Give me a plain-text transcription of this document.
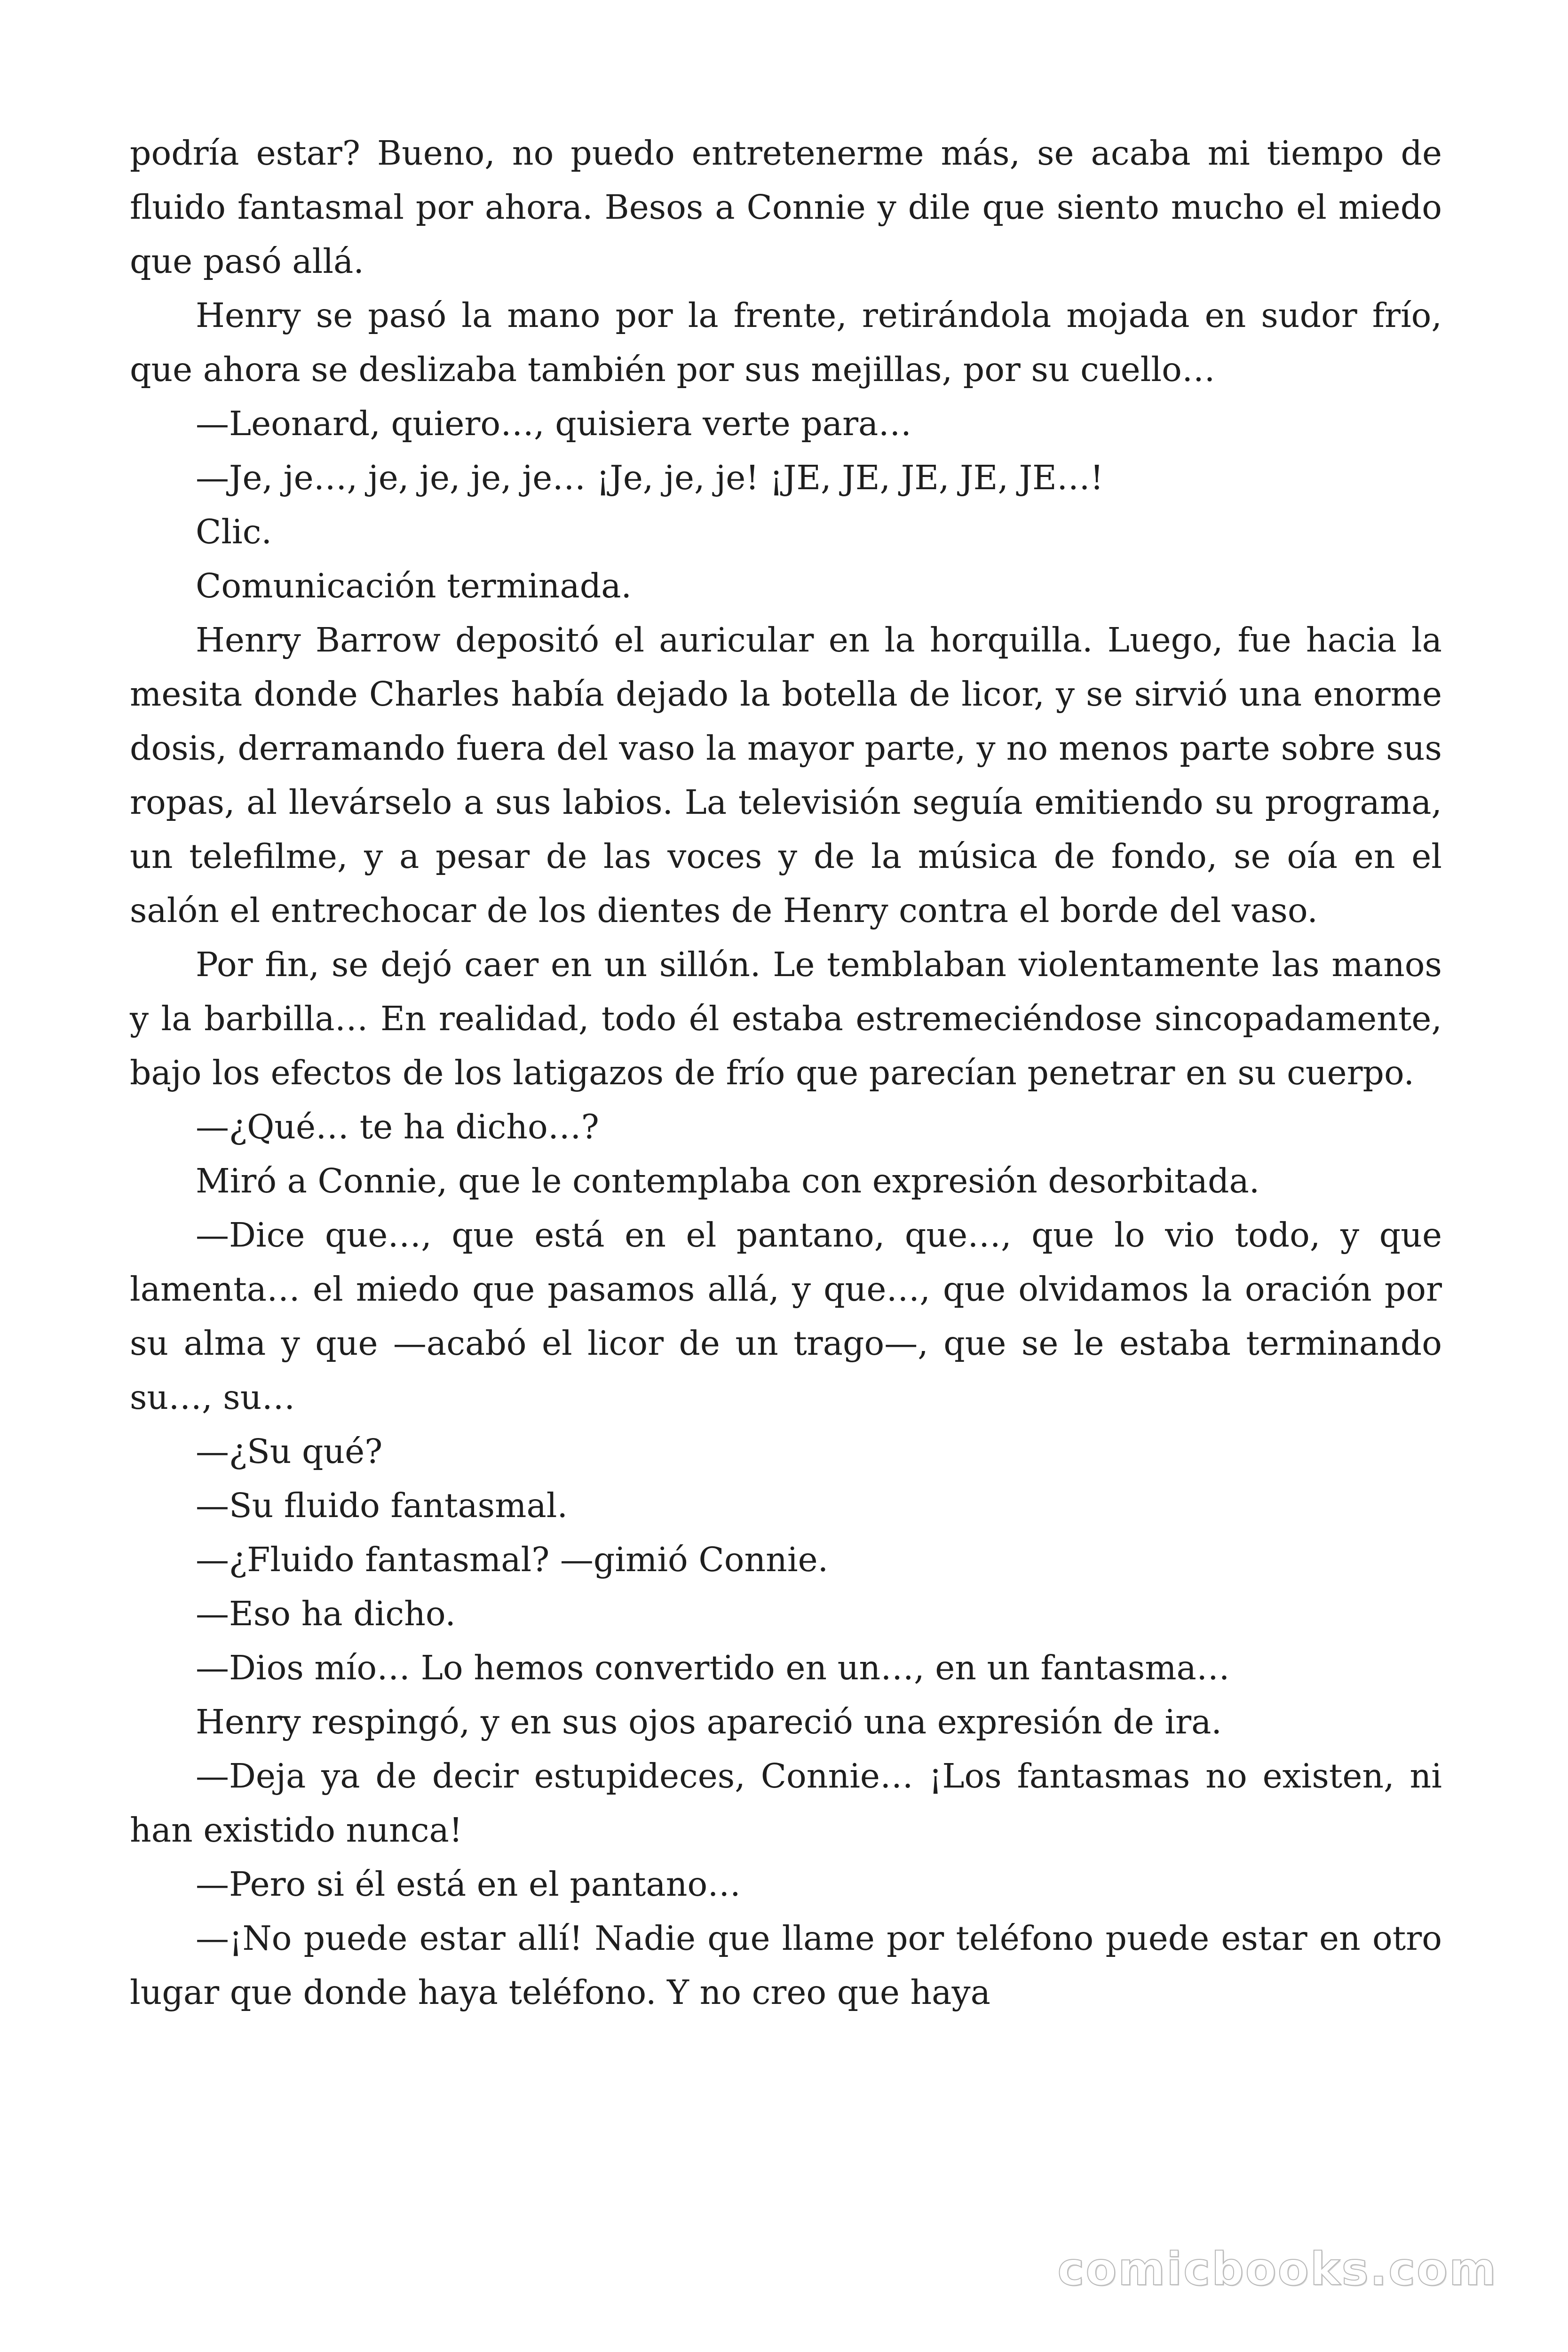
podría estar? Bueno, no puedo entretenerme más, se acaba mi tiempo de fluido fantasmal por ahora. Besos a Connie y dile que siento mucho el miedo que pasó allá.

Henry se pasó la mano por la frente, retirándola mojada en sudor frío, que ahora se deslizaba también por sus mejillas, por su cuello…

—Leonard, quiero…, quisiera verte para…

—Je, je…, je, je, je, je… ¡Je, je, je! ¡JE, JE, JE, JE, JE…!

Clic.

Comunicación terminada.

Henry Barrow depositó el auricular en la horquilla. Luego, fue hacia la mesita donde Charles había dejado la botella de licor, y se sirvió una enorme dosis, derramando fuera del vaso la mayor parte, y no menos parte sobre sus ropas, al llevárselo a sus labios. La televisión seguía emitiendo su programa, un telefilme, y a pesar de las voces y de la música de fondo, se oía en el salón el entrechocar de los dientes de Henry contra el borde del vaso.

Por fin, se dejó caer en un sillón. Le temblaban violentamente las manos y la barbilla… En realidad, todo él estaba estremeciéndose sincopadamente, bajo los efectos de los latigazos de frío que parecían penetrar en su cuerpo.

—¿Qué… te ha dicho…?

Miró a Connie, que le contemplaba con expresión desorbitada.

—Dice que…, que está en el pantano, que…, que lo vio todo, y que lamenta… el miedo que pasamos allá, y que…, que olvidamos la oración por su alma y que —acabó el licor de un trago—, que se le estaba terminando su…, su…

—¿Su qué?

—Su fluido fantasmal.

—¿Fluido fantasmal? —gimió Connie.

—Eso ha dicho.

—Dios mío… Lo hemos convertido en un…, en un fantasma…

Henry respingó, y en sus ojos apareció una expresión de ira.

—Deja ya de decir estupideces, Connie… ¡Los fantasmas no existen, ni han existido nunca!

—Pero si él está en el pantano…

—¡No puede estar allí! Nadie que llame por teléfono puede estar en otro lugar que donde haya teléfono. Y no creo que haya

comicbooks.com
